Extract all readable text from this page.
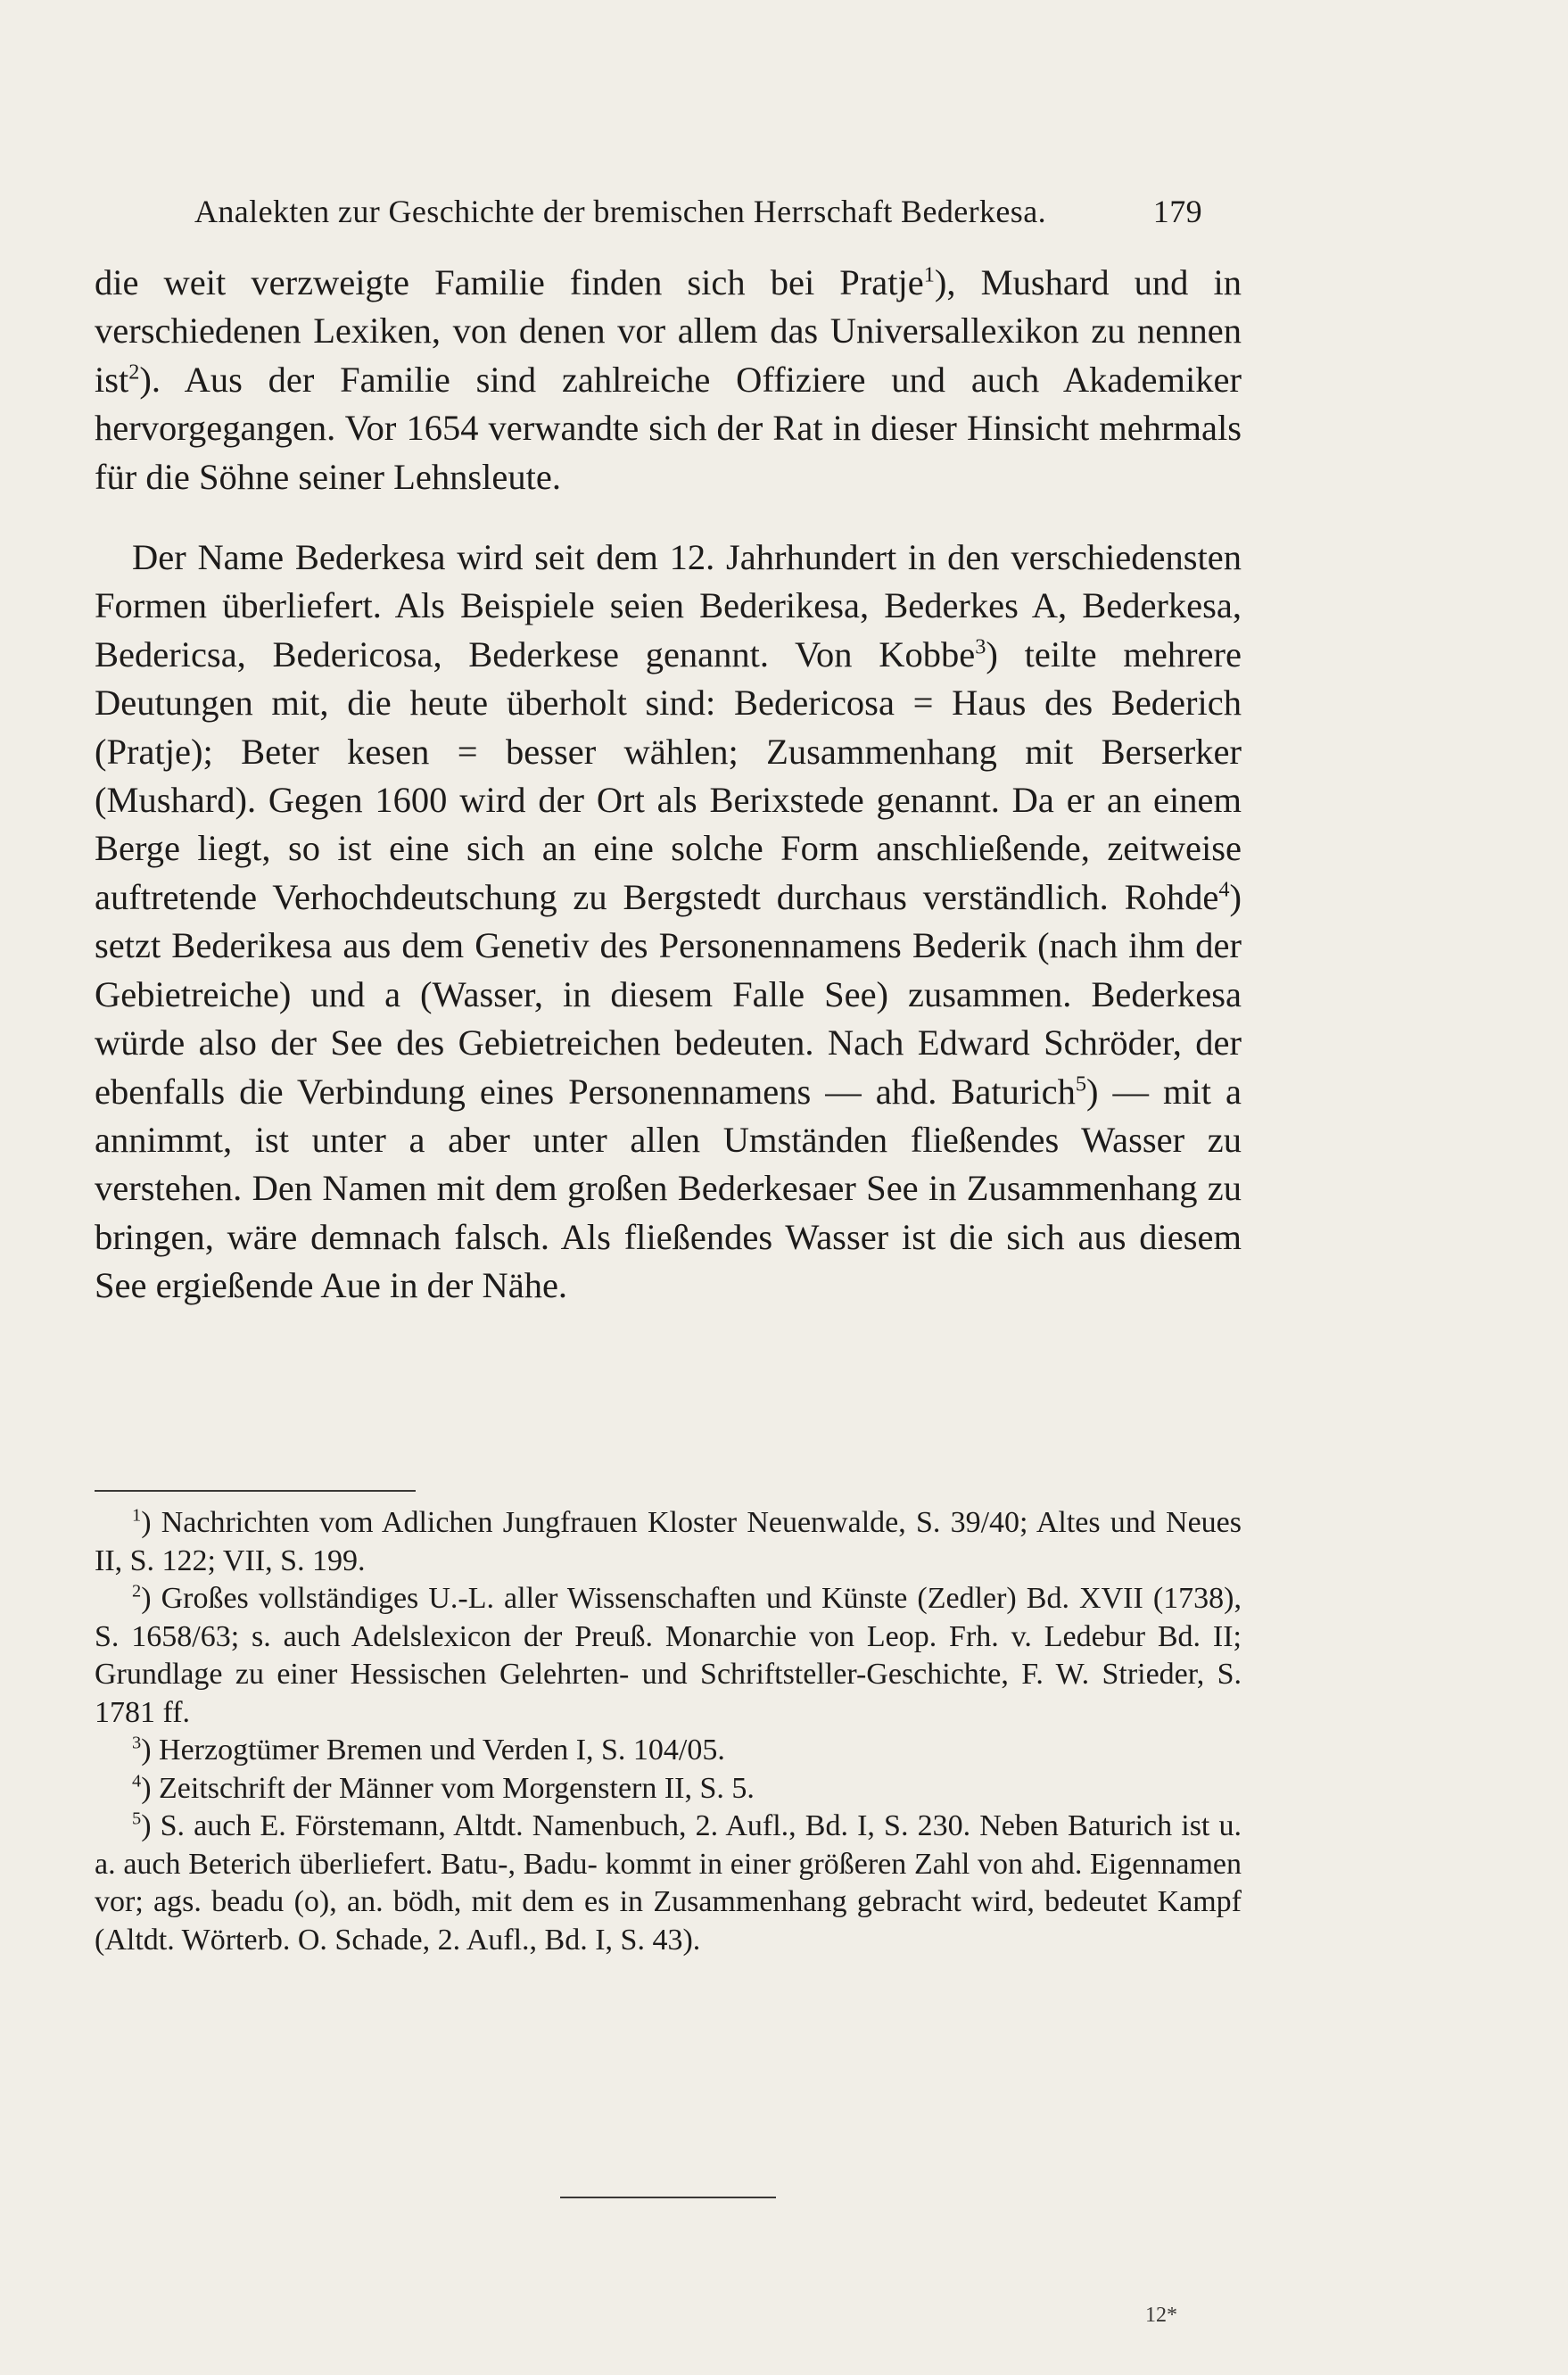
Analekten zur Geschichte der bremischen Herrschaft Bederkesa.	179

die weit verzweigte Familie finden sich bei Pratje$^1$), Mushard und in verschiedenen Lexiken, von denen vor allem das Universallexikon zu nennen ist$^2$). Aus der Familie sind zahlreiche Offiziere und auch Akademiker hervorgegangen. Vor 1654 verwandte sich der Rat in dieser Hinsicht mehrmals für die Söhne seiner Lehnsleute.

Der Name Bederkesa wird seit dem 12. Jahrhundert in den verschiedensten Formen überliefert. Als Beispiele seien Bederikesa, Bederkes A, Bederkesa, Bedericsa, Bedericosa, Bederkese genannt. Von Kobbe$^3$) teilte mehrere Deutungen mit, die heute überholt sind: Bedericosa = Haus des Bederich (Pratje); Beter kesen = besser wählen; Zusammenhang mit Berserker (Mushard). Gegen 1600 wird der Ort als Berixstede genannt. Da er an einem Berge liegt, so ist eine sich an eine solche Form anschließende, zeitweise auftretende Verhochdeutschung zu Bergstedt durchaus verständlich. Rohde$^4$) setzt Bederikesa aus dem Genetiv des Personennamens Bederik (nach ihm der Gebietreiche) und a (Wasser, in diesem Falle See) zusammen. Bederkesa würde also der See des Gebietreichen bedeuten. Nach Edward Schröder, der ebenfalls die Verbindung eines Personennamens — ahd. Baturich$^5$) — mit a annimmt, ist unter a aber unter allen Umständen fließendes Wasser zu verstehen. Den Namen mit dem großen Bederkesaer See in Zusammenhang zu bringen, wäre demnach falsch. Als fließendes Wasser ist die sich aus diesem See ergießende Aue in der Nähe.

$^1$) Nachrichten vom Adlichen Jungfrauen Kloster Neuenwalde, S. 39/40; Altes und Neues II, S. 122; VII, S. 199.

$^2$) Großes vollständiges U.-L. aller Wissenschaften und Künste (Zedler) Bd. XVII (1738), S. 1658/63; s. auch Adelslexicon der Preuß. Monarchie von Leop. Frh. v. Ledebur Bd. II; Grundlage zu einer Hessischen Gelehrten- und Schriftsteller-Geschichte, F. W. Strieder, S. 1781 ff.

$^3$) Herzogtümer Bremen und Verden I, S. 104/05.

$^4$) Zeitschrift der Männer vom Morgenstern II, S. 5.

$^5$) S. auch E. Förstemann, Altdt. Namenbuch, 2. Aufl., Bd. I, S. 230. Neben Baturich ist u. a. auch Beterich überliefert. Batu-, Badu- kommt in einer größeren Zahl von ahd. Eigennamen vor; ags. beadu (o), an. bödh, mit dem es in Zusammenhang gebracht wird, bedeutet Kampf (Altdt. Wörterb. O. Schade, 2. Aufl., Bd. I, S. 43).

12*
